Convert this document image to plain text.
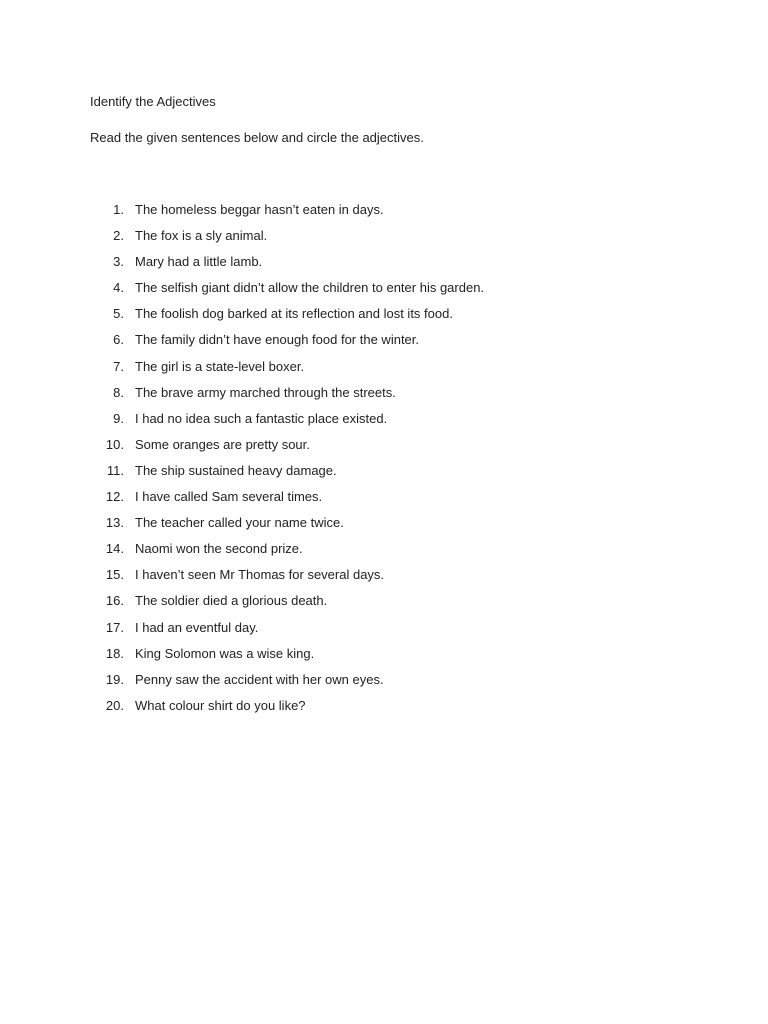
Identify the Adjectives

Read the given sentences below and circle the adjectives.

1. The homeless beggar hasn’t eaten in days.
2. The fox is a sly animal.
3. Mary had a little lamb.
4. The selfish giant didn’t allow the children to enter his garden.
5. The foolish dog barked at its reflection and lost its food.
6. The family didn’t have enough food for the winter.
7. The girl is a state-level boxer.
8. The brave army marched through the streets.
9. I had no idea such a fantastic place existed.
10. Some oranges are pretty sour.
11. The ship sustained heavy damage.
12. I have called Sam several times.
13. The teacher called your name twice.
14. Naomi won the second prize.
15. I haven’t seen Mr Thomas for several days.
16. The soldier died a glorious death.
17. I had an eventful day.
18. King Solomon was a wise king.
19. Penny saw the accident with her own eyes.
20. What colour shirt do you like?
